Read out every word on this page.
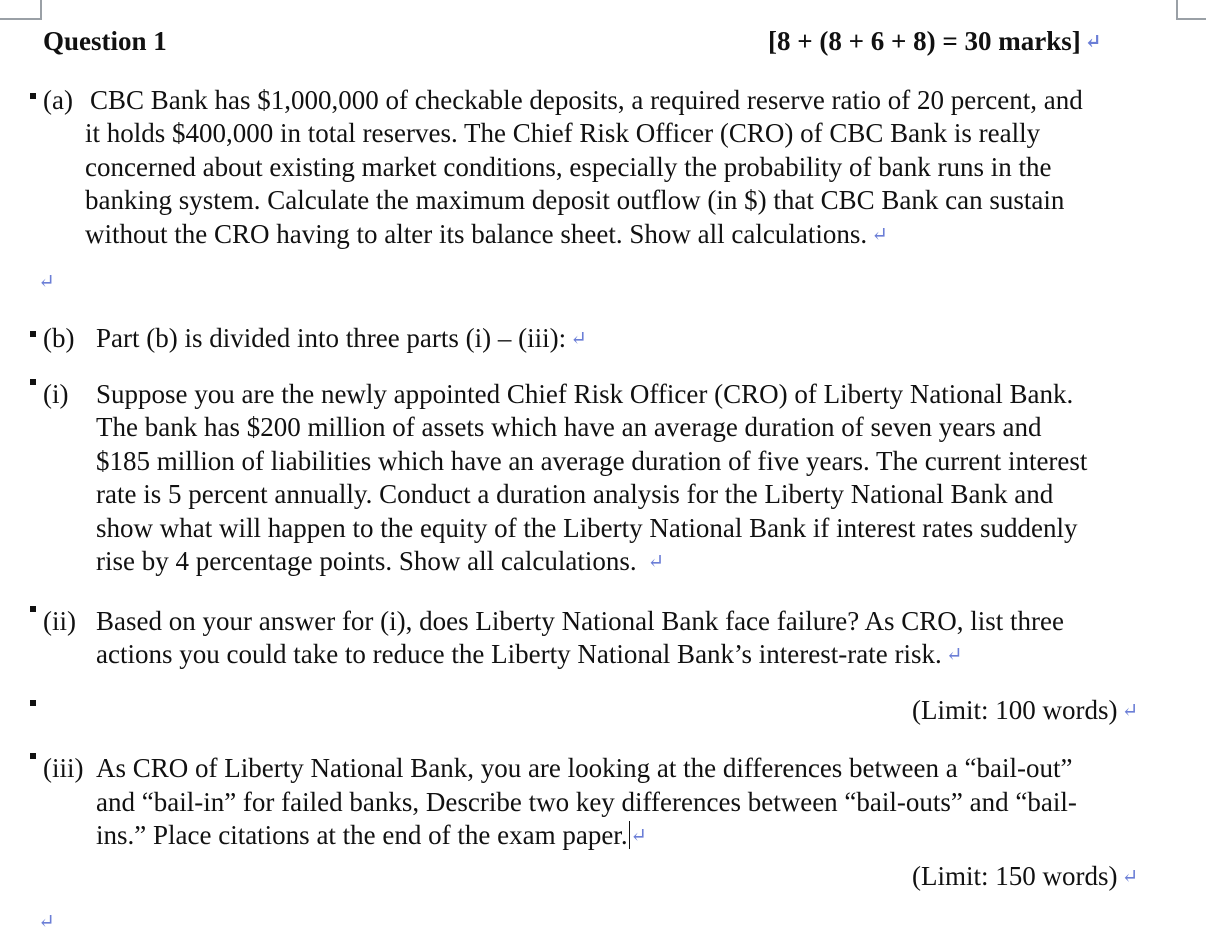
Question 1	[8 + (8 + 6 + 8) = 30 marks] ↵
(a) CBC Bank has $1,000,000 of checkable deposits, a required reserve ratio of 20 percent, and
it holds $400,000 in total reserves. The Chief Risk Officer (CRO) of CBC Bank is really
concerned about existing market conditions, especially the probability of bank runs in the
banking system. Calculate the maximum deposit outflow (in $) that CBC Bank can sustain
without the CRO having to alter its balance sheet. Show all calculations. ↵
↵
(b) Part (b) is divided into three parts (i) – (iii): ↵
(i) Suppose you are the newly appointed Chief Risk Officer (CRO) of Liberty National Bank.
The bank has $200 million of assets which have an average duration of seven years and
$185 million of liabilities which have an average duration of five years. The current interest
rate is 5 percent annually. Conduct a duration analysis for the Liberty National Bank and
show what will happen to the equity of the Liberty National Bank if interest rates suddenly
rise by 4 percentage points. Show all calculations. ↵
(ii) Based on your answer for (i), does Liberty National Bank face failure? As CRO, list three
actions you could take to reduce the Liberty National Bank’s interest-rate risk. ↵
(Limit: 100 words) ↵
(iii) As CRO of Liberty National Bank, you are looking at the differences between a “bail-out”
and “bail-in” for failed banks, Describe two key differences between “bail-outs” and “bail-
ins.” Place citations at the end of the exam paper. ↵
(Limit: 150 words) ↵
↵
